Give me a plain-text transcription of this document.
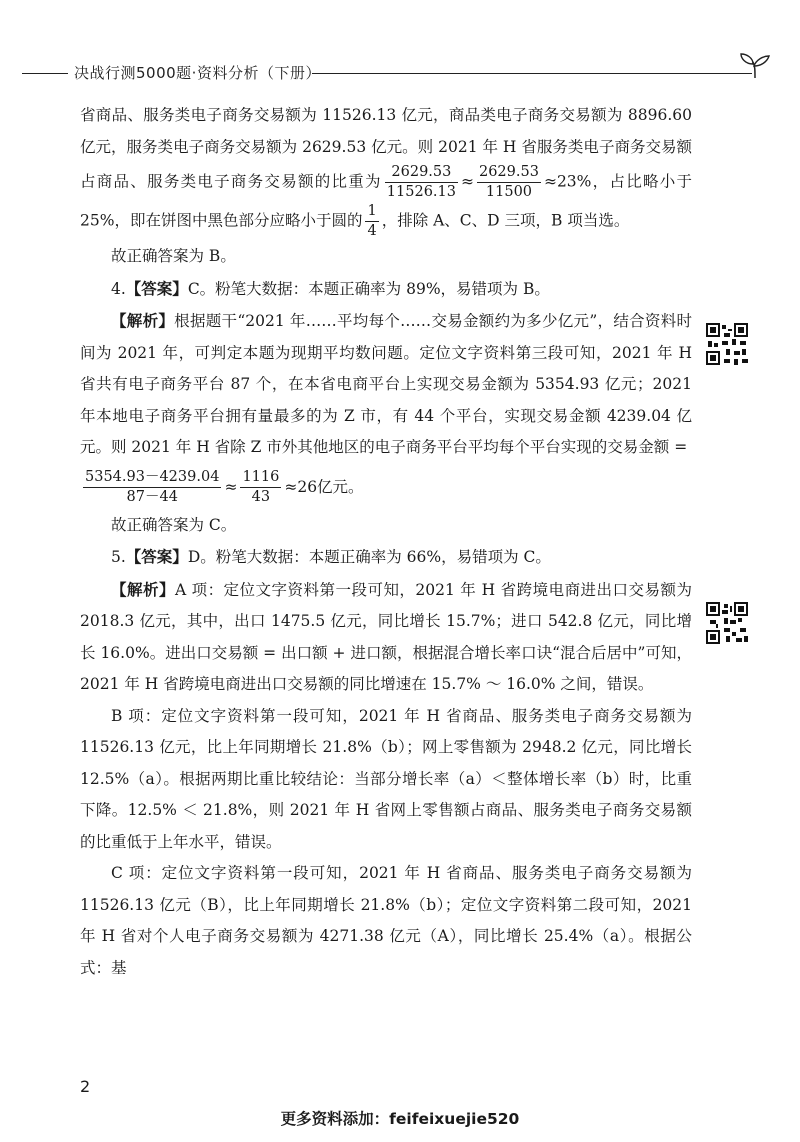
决战行测5000题·资料分析（下册）

省商品、服务类电子商务交易额为 11526.13 亿元，商品类电子商务交易额为 8896.60 亿元，服务类电子商务交易额为 2629.53 亿元。则 2021 年 H 省服务类电子商务交易额占商品、服务类电子商务交易额的比重为 $\frac{2629.53}{11526.13} \approx \frac{2629.53}{11500} \approx 23\%$，占比略小于 25%，即在饼图中黑色部分应略小于圆的 $\frac{1}{4}$ ，排除 A、C、D 三项，B 项当选。

故正确答案为 B。

4.【答案】C。粉笔大数据：本题正确率为 89%，易错项为 B。

【解析】根据题干“2021 年……平均每个……交易金额约为多少亿元”，结合资料时间为 2021 年，可判定本题为现期平均数问题。定位文字资料第三段可知，2021 年 H 省共有电子商务平台 87 个，在本省电商平台上实现交易金额为 5354.93 亿元；2021 年本地电子商务平台拥有量最多的为 Z 市，有 44 个平台，实现交易金额 4239.04 亿元。则 2021 年 H 省除 Z 市外其他地区的电子商务平台平均每个平台实现的交易金额 =

$\frac{5354.93-4239.04}{87-44} \approx \frac{1116}{43} \approx 26$亿元。

故正确答案为 C。

5.【答案】D。粉笔大数据：本题正确率为 66%，易错项为 C。

【解析】A 项：定位文字资料第一段可知，2021 年 H 省跨境电商进出口交易额为 2018.3 亿元，其中，出口 1475.5 亿元，同比增长 15.7%；进口 542.8 亿元，同比增长 16.0%。进出口交易额 = 出口额 + 进口额，根据混合增长率口诀“混合后居中”可知，2021 年 H 省跨境电商进出口交易额的同比增速在 15.7% ～ 16.0% 之间，错误。

B 项：定位文字资料第一段可知，2021 年 H 省商品、服务类电子商务交易额为 11526.13 亿元，比上年同期增长 21.8%（b）；网上零售额为 2948.2 亿元，同比增长 12.5%（a）。根据两期比重比较结论：当部分增长率（a）＜整体增长率（b）时，比重下降。12.5% ＜ 21.8%，则 2021 年 H 省网上零售额占商品、服务类电子商务交易额的比重低于上年水平，错误。

C 项：定位文字资料第一段可知，2021 年 H 省商品、服务类电子商务交易额为 11526.13 亿元（B），比上年同期增长 21.8%（b）；定位文字资料第二段可知，2021 年 H 省对个人电子商务交易额为 4271.38 亿元（A），同比增长 25.4%（a）。根据公式：基

2
更多资料添加：feifeixuejie520
